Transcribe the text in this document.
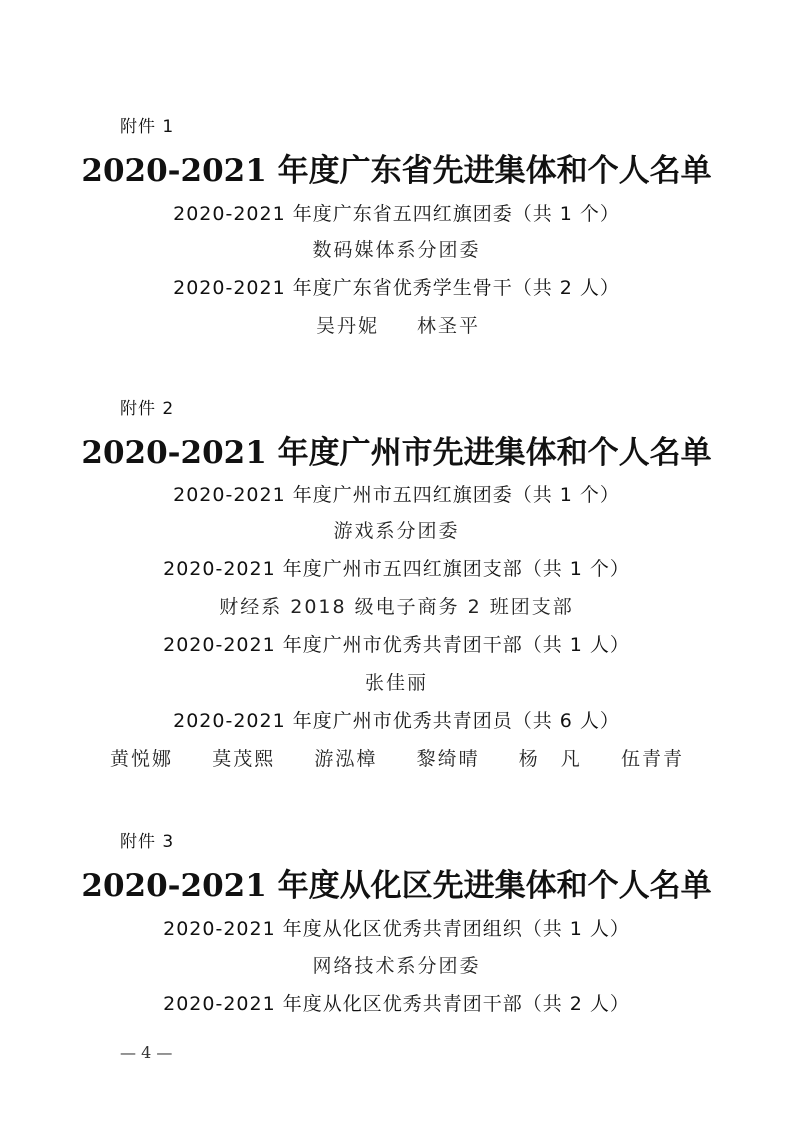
附件 1
2020-2021 年度广东省先进集体和个人名单
2020-2021 年度广东省五四红旗团委（共 1 个）
数码媒体系分团委
2020-2021 年度广东省优秀学生骨干（共 2 人）
吴丹妮 林圣平
附件 2
2020-2021 年度广州市先进集体和个人名单
2020-2021 年度广州市五四红旗团委（共 1 个）
游戏系分团委
2020-2021 年度广州市五四红旗团支部（共 1 个）
财经系 2018 级电子商务 2 班团支部
2020-2021 年度广州市优秀共青团干部（共 1 人）
张佳丽
2020-2021 年度广州市优秀共青团员（共 6 人）
黄悦娜 莫茂熙 游泓樟 黎绮晴 杨　凡 伍青青
附件 3
2020-2021 年度从化区先进集体和个人名单
2020-2021 年度从化区优秀共青团组织（共 1 人）
网络技术系分团委
2020-2021 年度从化区优秀共青团干部（共 2 人）
— 4 —
